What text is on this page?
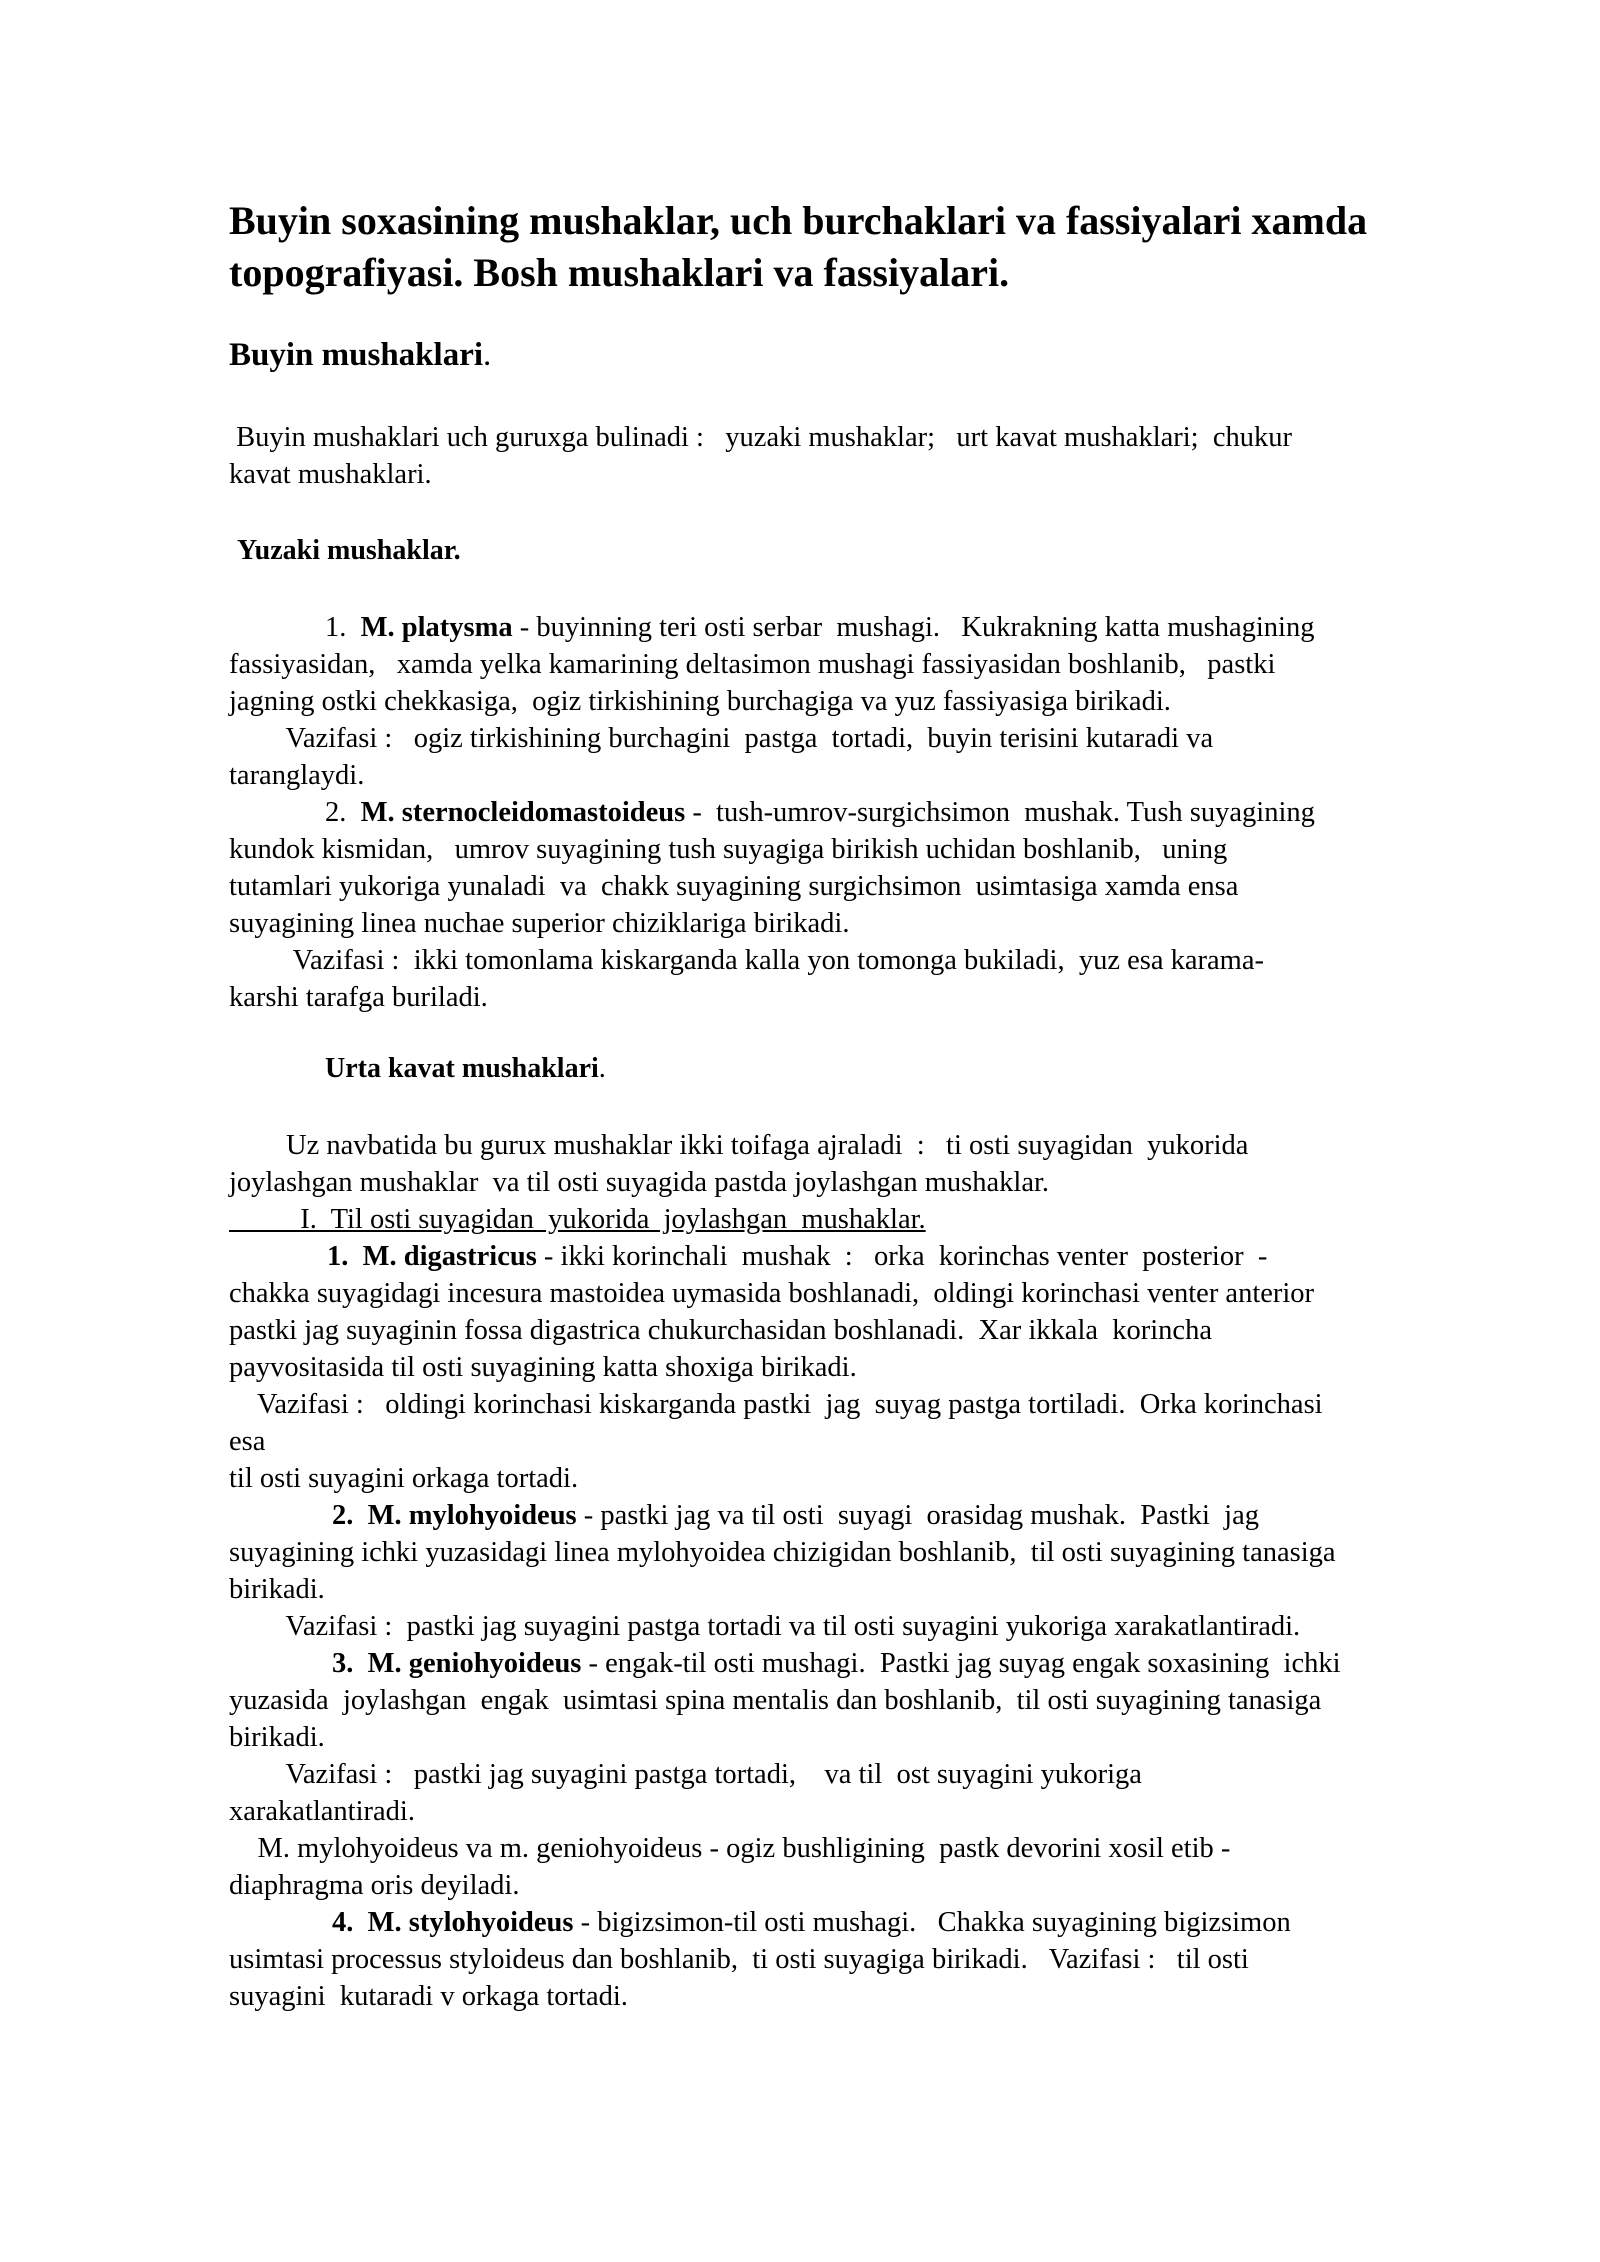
Buyin soxasining mushaklar, uch burchaklari va fassiyalari xamda
topografiyasi. Bosh mushaklari va fassiyalari.
Buyin mushaklari.
Buyin mushaklari uch guruxga bulinadi :   yuzaki mushaklar;   urt kavat mushaklari;  chukur
kavat mushaklari.
Yuzaki mushaklar.
1.  M. platysma - buyinning teri osti serbar  mushagi.   Kukrakning katta mushagining
fassiyasidan,   xamda yelka kamarining deltasimon mushagi fassiyasidan boshlanib,   pastki
jagning ostki chekkasiga,  ogiz tirkishining burchagiga va yuz fassiyasiga birikadi.
Vazifasi :   ogiz tirkishining burchagini  pastga  tortadi,  buyin terisini kutaradi va
taranglaydi.
2.  M. sternocleidomastoideus -  tush-umrov-surgichsimon  mushak. Tush suyagining
kundok kismidan,   umrov suyagining tush suyagiga birikish uchidan boshlanib,   uning
tutamlari yukoriga yunaladi  va  chakk suyagining surgichsimon  usimtasiga xamda ensa
suyagining linea nuchae superior chiziklariga birikadi.
Vazifasi :  ikki tomonlama kiskarganda kalla yon tomonga bukiladi,  yuz esa karama-
karshi tarafga buriladi.
Urta kavat mushaklari.
Uz navbatida bu gurux mushaklar ikki toifaga ajraladi  :   ti osti suyagidan  yukorida
joylashgan mushaklar  va til osti suyagida pastda joylashgan mushaklar.
I.  Til osti suyagidan  yukorida  joylashgan  mushaklar.
1.  M. digastricus - ikki korinchali  mushak  :   orka  korinchas venter  posterior  -
chakka suyagidagi incesura mastoidea uymasida boshlanadi,  oldingi korinchasi venter anterior
pastki jag suyaginin fossa digastrica chukurchasidan boshlanadi.  Xar ikkala  korincha
payvositasida til osti suyagining katta shoxiga birikadi.
Vazifasi :   oldingi korinchasi kiskarganda pastki  jag  suyag pastga tortiladi.  Orka korinchasi
esa
til osti suyagini orkaga tortadi.
2.  M. mylohyoideus - pastki jag va til osti  suyagi  orasidag mushak.  Pastki  jag
suyagining ichki yuzasidagi linea mylohyoidea chizigidan boshlanib,  til osti suyagining tanasiga
birikadi.
Vazifasi :  pastki jag suyagini pastga tortadi va til osti suyagini yukoriga xarakatlantiradi.
3.  M. geniohyoideus - engak-til osti mushagi.  Pastki jag suyag engak soxasining  ichki
yuzasida  joylashgan  engak  usimtasi spina mentalis dan boshlanib,  til osti suyagining tanasiga
birikadi.
Vazifasi :   pastki jag suyagini pastga tortadi,    va til  ost suyagini yukoriga
xarakatlantiradi.
M. mylohyoideus va m. geniohyoideus - ogiz bushligining  pastk devorini xosil etib -
diaphragma oris deyiladi.
4.  M. stylohyoideus - bigizsimon-til osti mushagi.   Chakka suyagining bigizsimon
usimtasi processus styloideus dan boshlanib,  ti osti suyagiga birikadi.   Vazifasi :   til osti
suyagini  kutaradi v orkaga tortadi.
